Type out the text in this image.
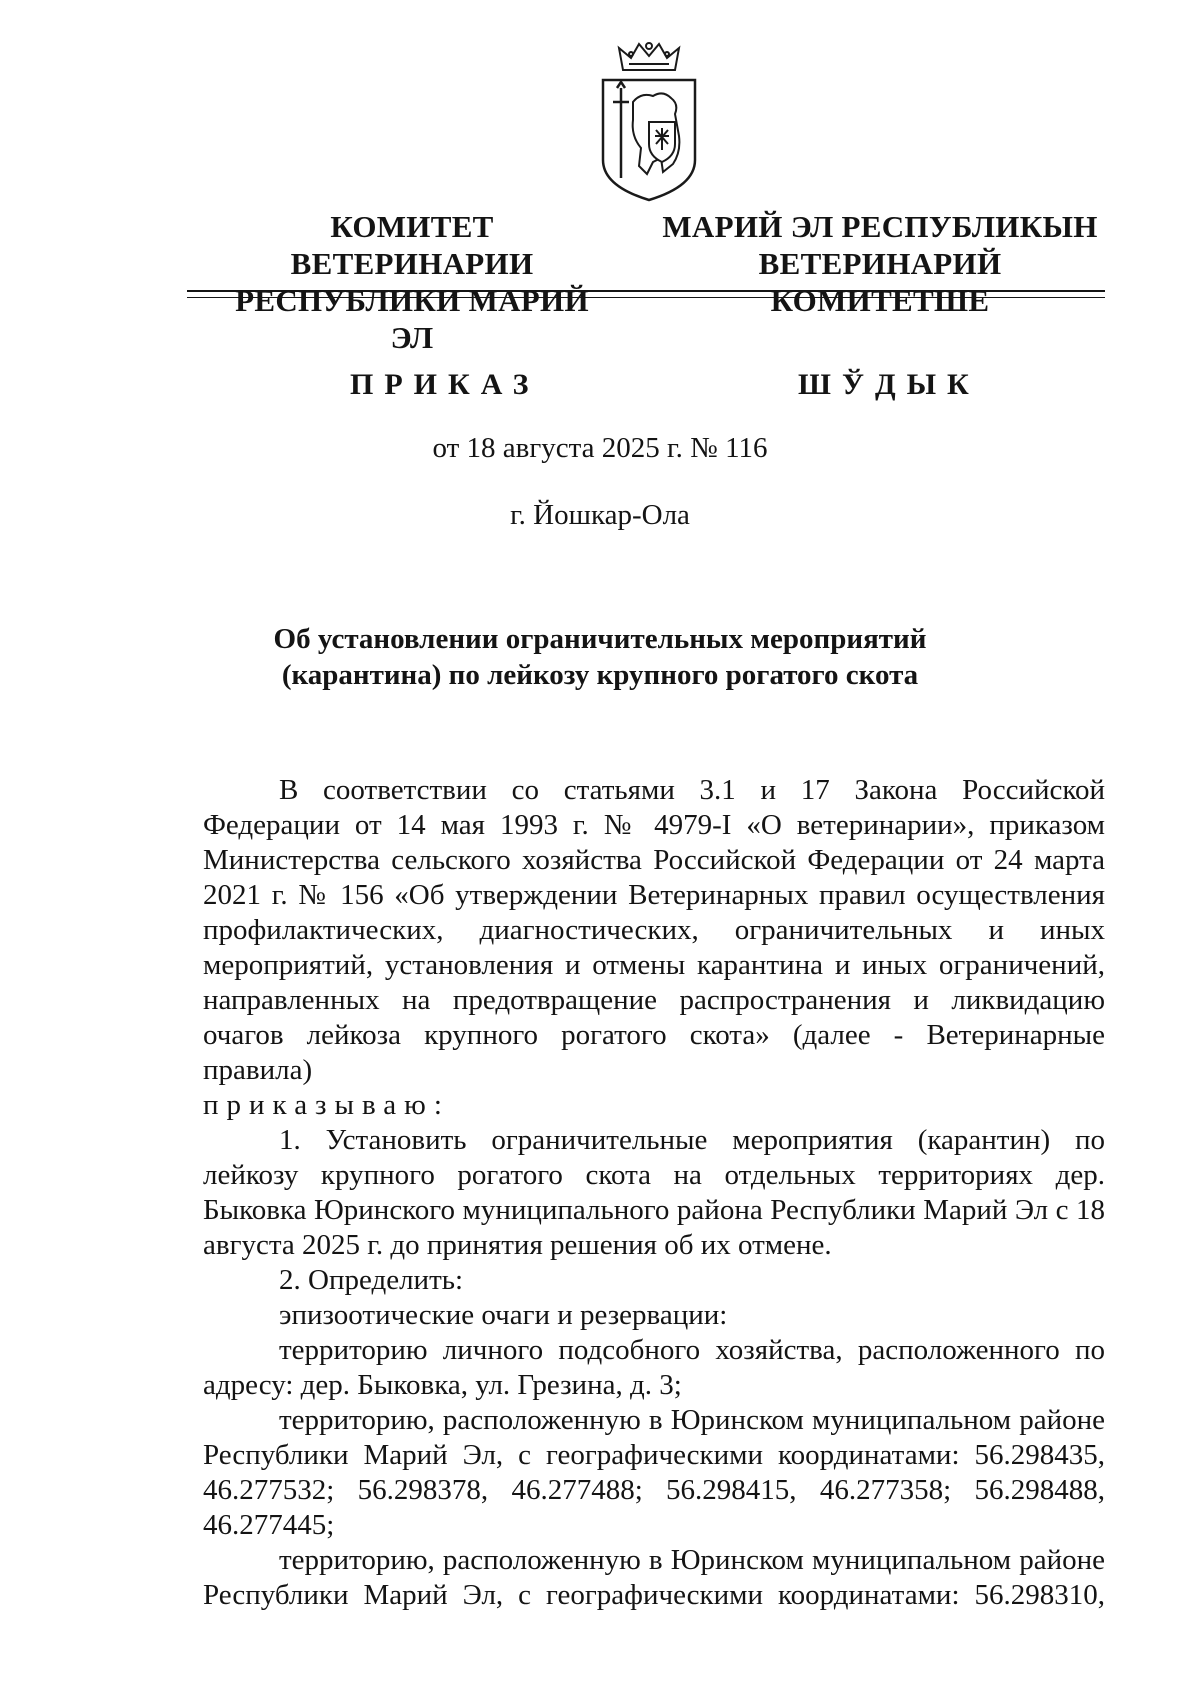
КОМИТЕТ ВЕТЕРИНАРИИ
РЕСПУБЛИКИ МАРИЙ ЭЛ
МАРИЙ ЭЛ РЕСПУБЛИКЫН
ВЕТЕРИНАРИЙ КОМИТЕТШЕ
ПРИКАЗ	ШЎДЫК
от 18 августа 2025 г. № 116
г. Йошкар-Ола
Об установлении ограничительных мероприятий
(карантина) по лейкозу крупного рогатого скота

В соответствии со статьями 3.1 и 17 Закона Российской Федерации от 14 мая 1993 г. № 4979-I «О ветеринарии», приказом Министерства сельского хозяйства Российской Федерации от 24 марта 2021 г. № 156 «Об утверждении Ветеринарных правил осуществления профилактических, диагностических, ограничительных и иных мероприятий, установления и отмены карантина и иных ограничений, направленных на предотвращение распространения и ликвидацию очагов лейкоза крупного рогатого скота» (далее - Ветеринарные правила)

приказываю:

1. Установить ограничительные мероприятия (карантин) по лейкозу крупного рогатого скота на отдельных территориях дер. Быковка Юринского муниципального района Республики Марий Эл с 18 августа 2025 г. до принятия решения об их отмене.

2. Определить:

эпизоотические очаги и резервации:

территорию личного подсобного хозяйства, расположенного по адресу: дер. Быковка, ул. Грезина, д. 3;

территорию, расположенную в Юринском муниципальном районе Республики Марий Эл, с географическими координатами: 56.298435, 46.277532; 56.298378, 46.277488; 56.298415, 46.277358; 56.298488, 46.277445;

территорию, расположенную в Юринском муниципальном районе Республики Марий Эл, с географическими координатами: 56.298310,
